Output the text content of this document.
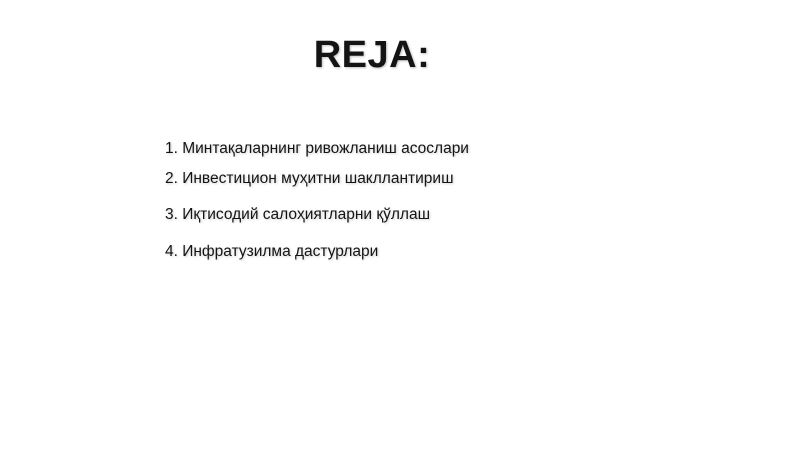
REJA:
1. Минтақаларнинг ривожланиш асослари
2. Инвестицион муҳитни шакллантириш
3. Иқтисодий салоҳиятларни қўллаш
4. Инфратузилма дастурлари
